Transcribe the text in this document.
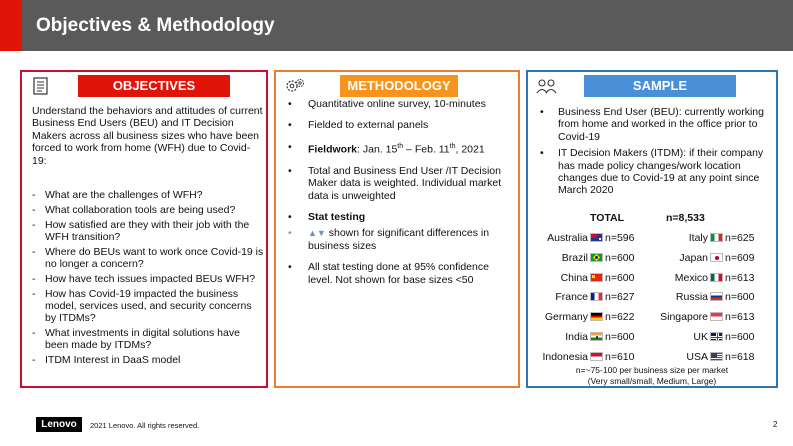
Objectives & Methodology
OBJECTIVES
Understand the behaviors and attitudes of current Business End Users (BEU) and IT Decision Makers across all business sizes who have been forced to work from home (WFH) due to Covid-19:
- What are the challenges of WFH?
- What collaboration tools are being used?
- How satisfied are they with their job with the WFH transition?
- Where do BEUs want to work once Covid-19 is no longer a concern?
- How have tech issues impacted BEUs WFH?
- How has Covid-19 impacted the business model, services used, and security concerns by ITDMs?
- What investments in digital solutions have been made by ITDMs?
- ITDM Interest in DaaS model
METHODOLOGY
• Quantitative online survey, 10-minutes
• Fielded to external panels
• Fieldwork: Jan. 15th – Feb. 11th, 2021
• Total and Business End User /IT Decision Maker data is weighted. Individual market data is unweighted
• Stat testing
• ▲▼ shown for significant differences in business sizes
• All stat testing done at 95% confidence level. Not shown for base sizes <50
SAMPLE
• Business End User (BEU): currently working from home and worked in the office prior to Covid-19
• IT Decision Makers (ITDM): if their company has made policy changes/work location changes due to Covid-19 at any point since March 2020
TOTAL	n=8,533
Australia n=596	Italy n=625
Brazil n=600	Japan n=609
China n=600	Mexico n=613
France n=627	Russia n=600
Germany n=622	Singapore n=613
India n=600	UK n=600
Indonesia n=610	USA n=618
n=~75-100 per business size per market
(Very small/small, Medium, Large)
Lenovo	2021 Lenovo. All rights reserved.	2
